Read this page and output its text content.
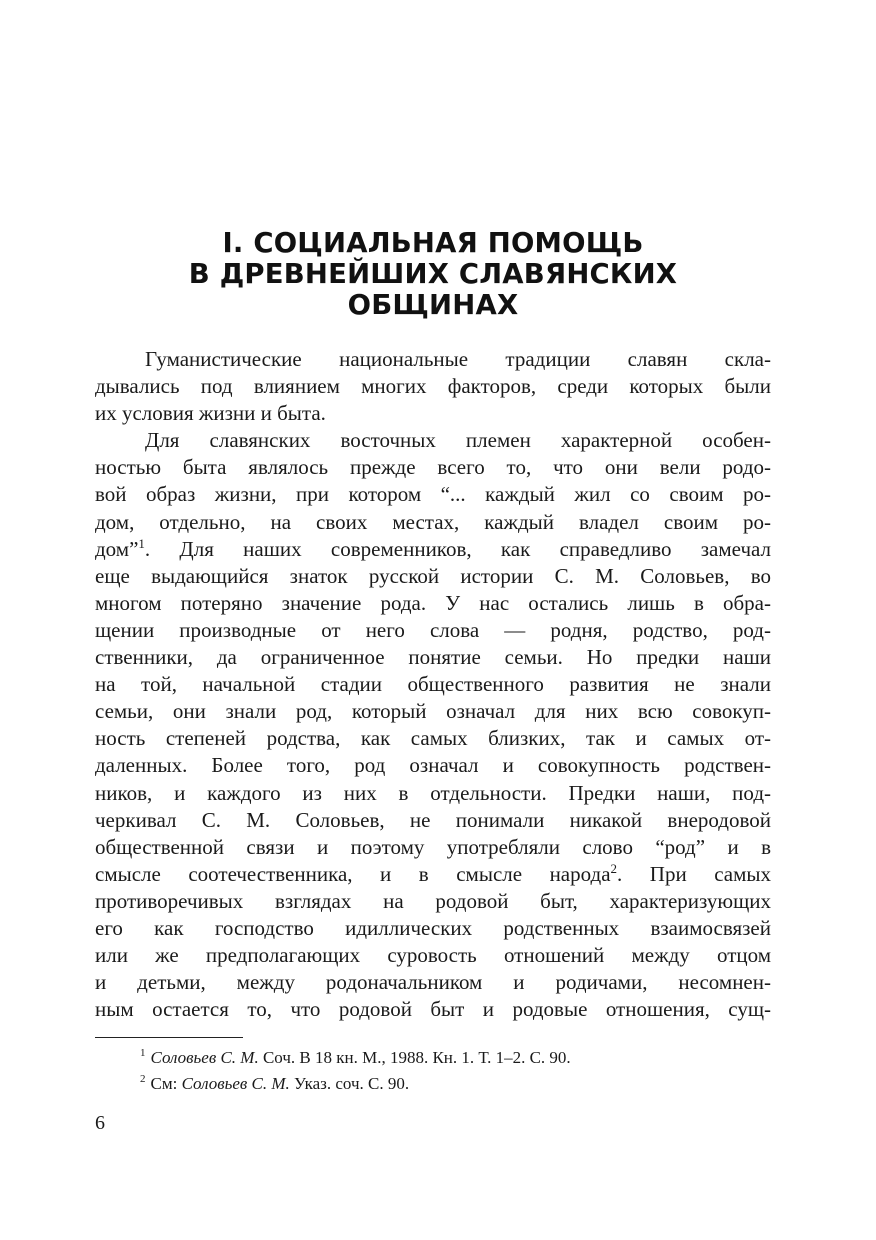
I. СОЦИАЛЬНАЯ ПОМОЩЬ
В ДРЕВНЕЙШИХ СЛАВЯНСКИХ
ОБЩИНАХ
Гуманистические национальные традиции славян скла-
дывались под влиянием многих факторов, среди которых были
их условия жизни и быта.
Для славянских восточных племен характерной особен-
ностью быта являлось прежде всего то, что они вели родо-
вой образ жизни, при котором “... каждый жил со своим ро-
дом, отдельно, на своих местах, каждый владел своим ро-
дом”$^1$. Для наших современников, как справедливо замечал
еще выдающийся знаток русской истории С. М. Соловьев, во
многом потеряно значение рода. У нас остались лишь в обра-
щении производные от него слова — родня, родство, род-
ственники, да ограниченное понятие семьи. Но предки наши
на той, начальной стадии общественного развития не знали
семьи, они знали род, который означал для них всю совокуп-
ность степеней родства, как самых близких, так и самых от-
даленных. Более того, род означал и совокупность родствен-
ников, и каждого из них в отдельности. Предки наши, под-
черкивал С. М. Соловьев, не понимали никакой внеродовой
общественной связи и поэтому употребляли слово “род” и в
смысле соотечественника, и в смысле народа$^2$. При самых
противоречивых взглядах на родовой быт, характеризующих
его как господство идиллических родственных взаимосвязей
или же предполагающих суровость отношений между отцом
и детьми, между родоначальником и родичами, несомнен-
ным остается то, что родовой быт и родовые отношения, сущ-
$^1$ Соловьев С. М. Соч. В 18 кн. М., 1988. Кн. 1. Т. 1–2. С. 90.
$^2$ См: Соловьев С. М. Указ. соч. С. 90.
6
